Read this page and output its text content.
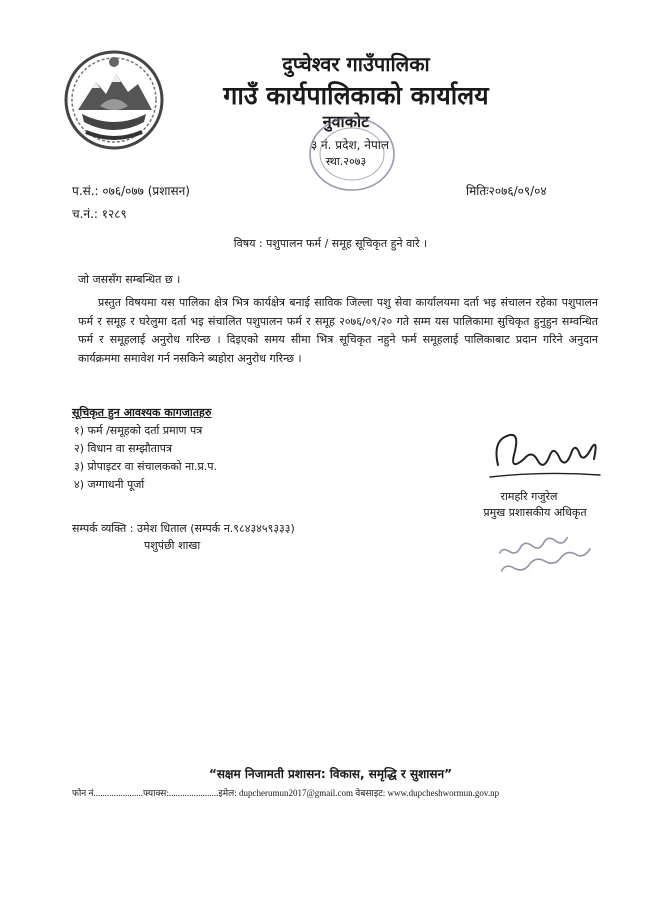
दुप्चेश्वर गाउँपालिका
गाउँ कार्यपालिकाको कार्यालय
नुवाकोट
३ नं. प्रदेश, नेपाल
स्था.२०७३
प.सं.: ०७६/०७७ (प्रशासन)
च.नं.: १२८९
मितिः२०७६/०९/०४
विषय : पशुपालन फर्म / समूह सूचिकृत हुने वारे ।
जो जससँग सम्बन्धित छ ।
प्रस्तुत विषयमा यस पालिका क्षेत्र भित्र कार्यक्षेत्र बनाई साविक जिल्ला पशु सेवा कार्यालयमा दर्ता भइ संचालन रहेका पशुपालन फर्म र समूह र घरेलुमा दर्ता भइ संचालित पशुपालन फर्म र समूह २०७६/०९/२० गते सम्म यस पालिकामा सुचिकृत हुनुहुन सम्वन्धित फर्म र समूहलाई अनुरोध गरिन्छ । दिइएको समय सीमा भित्र सूचिकृत नहुने फर्म समूहलाई पालिकाबाट प्रदान गरिने अनुदान कार्यक्रममा समावेश गर्न नसकिने ब्यहोरा अनुरोध गरिन्छ ।
सूचिकृत हुन आवश्यक कागजातहरु
१) फर्म /समूहको दर्ता प्रमाण पत्र
२) विधान वा सम्झौतापत्र
३) प्रोपाइटर वा संचालकको ना.प्र.प.
४) जग्गाधनी पूर्जा
रामहरि गजुरेल
प्रमुख प्रशासकीय अधिकृत
सम्पर्क व्यक्ति : उमेश धिताल (सम्पर्क न.९८४३४५९३३३)
पशुपंछी शाखा
“सक्षम निजामती प्रशासन: विकास, समृद्धि र सुशासन”
फोन नं......................फ्याक्स:......................इमेल: dupcherumun2017@gmail.com वेबसाइट: www.dupcheshwormun.gov.np
